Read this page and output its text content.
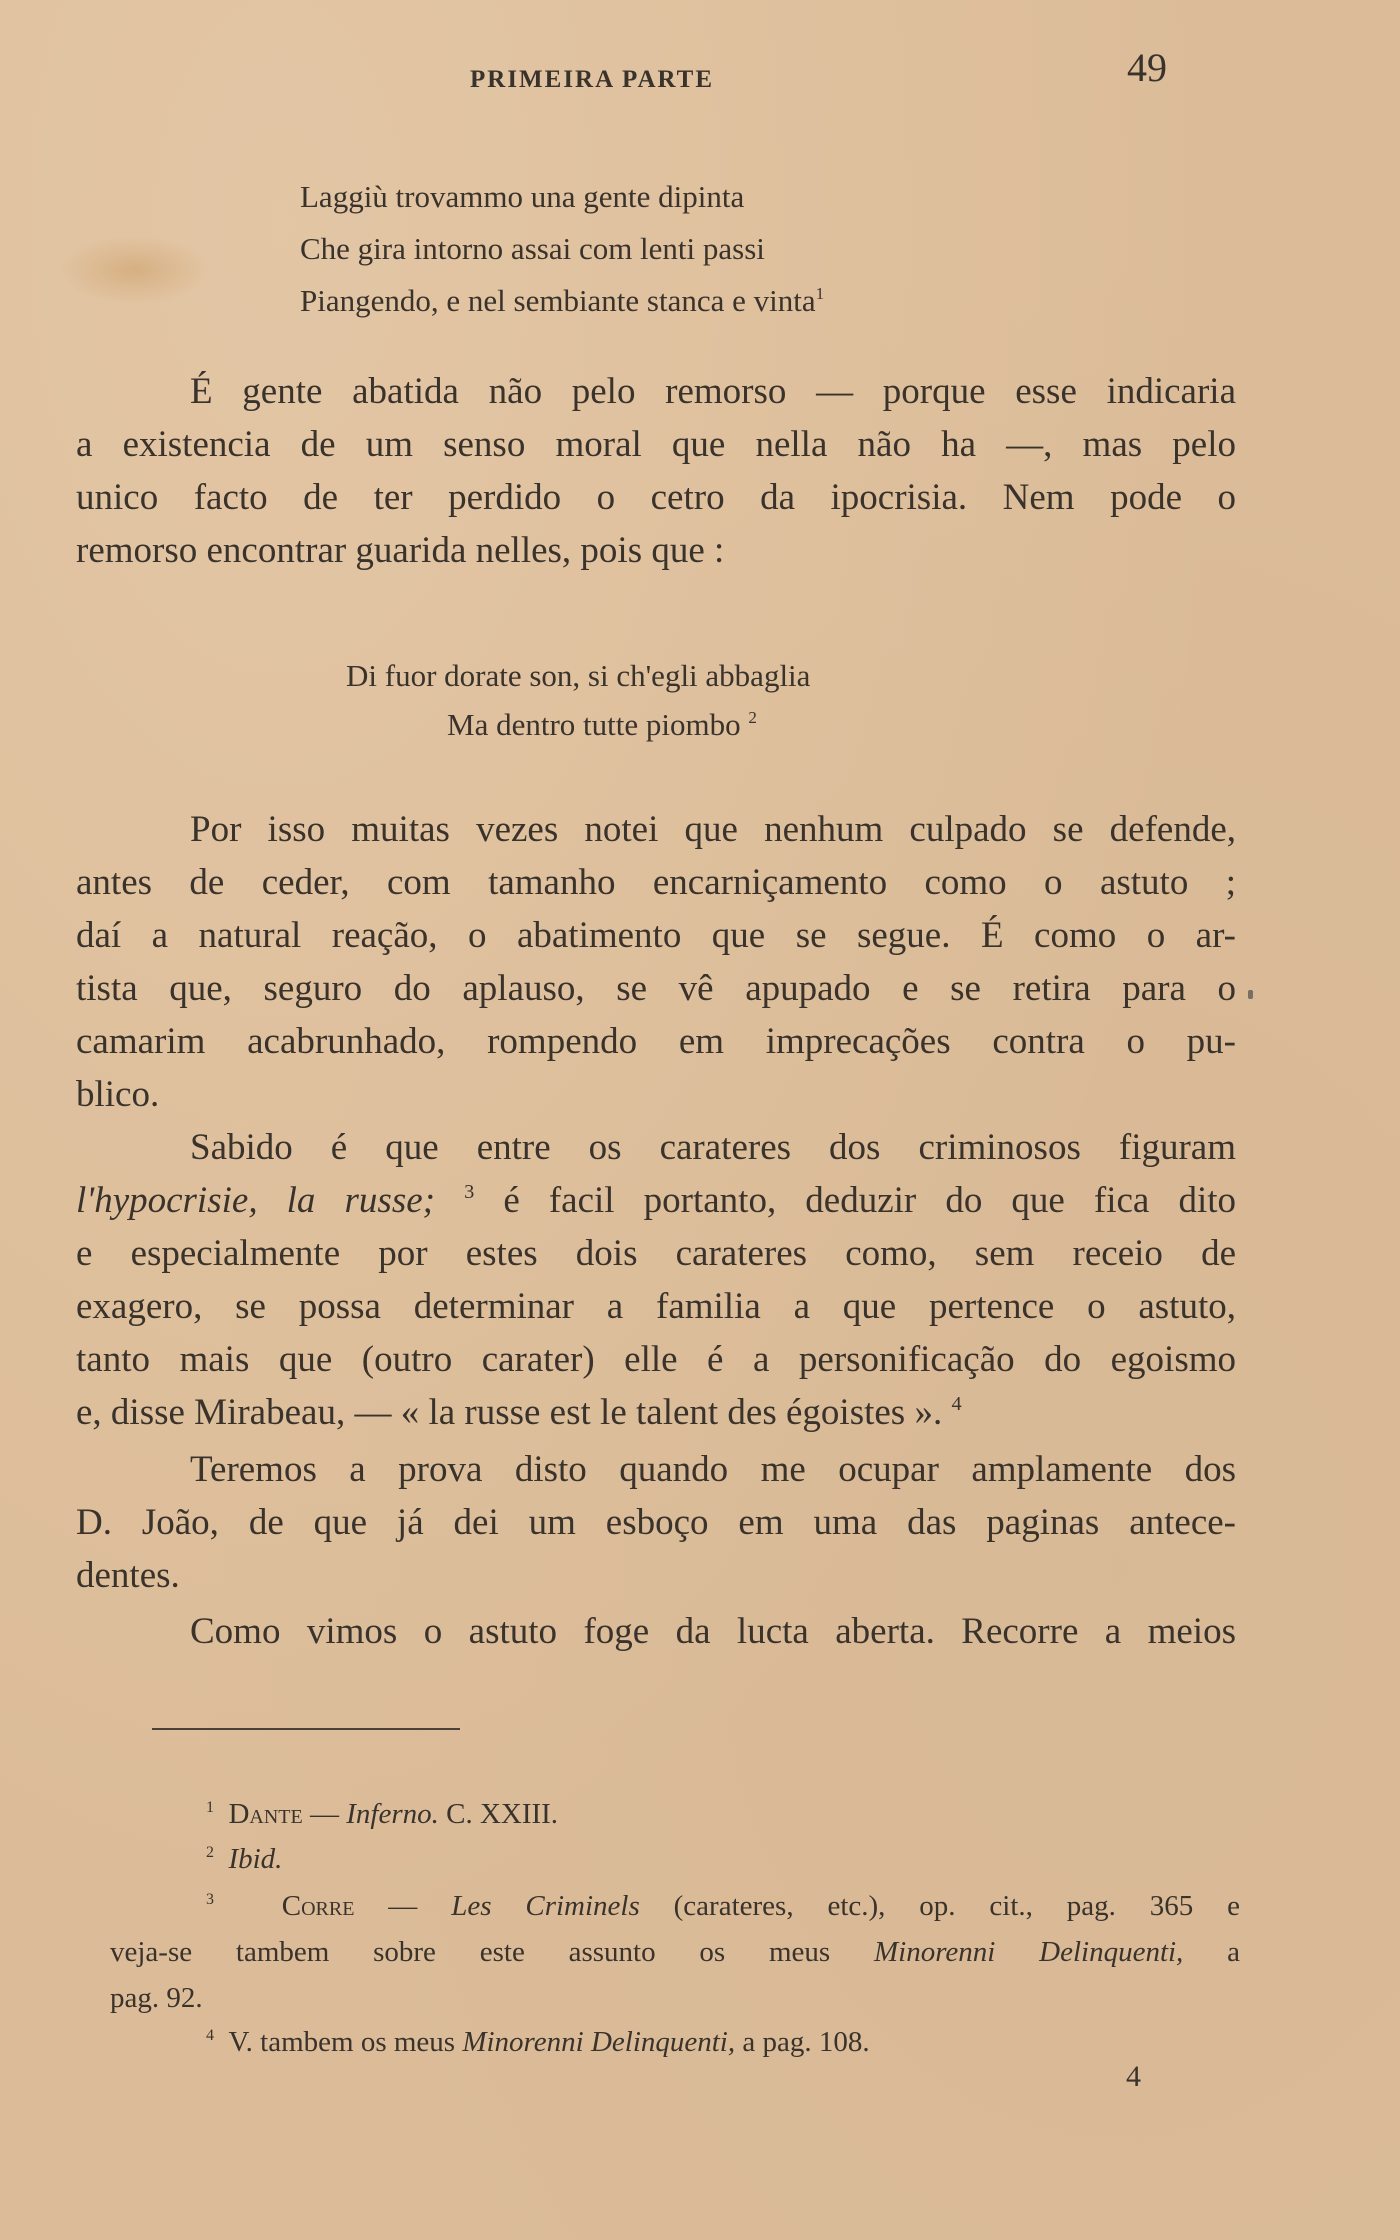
PRIMEIRA PARTE	49
Laggiù trovammo una gente dipinta
Che gira intorno assai com lenti passi
Piangendo, e nel sembiante stanca e vinta$^1$
É gente abatida não pelo remorso — porque esse indicaria
a existencia de um senso moral que nella não ha —, mas pelo
unico facto de ter perdido o cetro da ipocrisia. Nem pode o
remorso encontrar guarida nelles, pois que :
Di fuor dorate son, si ch'egli abbaglia
Ma dentro tutte piombo $^2$
Por isso muitas vezes notei que nenhum culpado se defende,
antes de ceder, com tamanho encarniçamento como o astuto ;
daí a natural reação, o abatimento que se segue. É como o ar-
tista que, seguro do aplauso, se vê apupado e se retira para o
camarim acabrunhado, rompendo em imprecações contra o pu-
blico.
Sabido é que entre os carateres dos criminosos figuram
l'hypocrisie, la russe; $^3$ é facil portanto, deduzir do que fica dito
e especialmente por estes dois carateres como, sem receio de
exagero, se possa determinar a familia a que pertence o astuto,
tanto mais que (outro carater) elle é a personificação do egoismo
e, disse Mirabeau, — « la russe est le talent des égoistes ». $^4$
Teremos a prova disto quando me ocupar amplamente dos
D. João, de que já dei um esboço em uma das paginas antece-
dentes.
Como vimos o astuto foge da lucta aberta. Recorre a meios
$^1$ Dante — Inferno. C. XXIII.
$^2$ Ibid.
$^3$ Corre — Les Criminels (carateres, etc.), op. cit., pag. 365 e
veja-se tambem sobre este assunto os meus Minorenni Delinquenti, a
pag. 92.
$^4$ V. tambem os meus Minorenni Delinquenti, a pag. 108.
4
